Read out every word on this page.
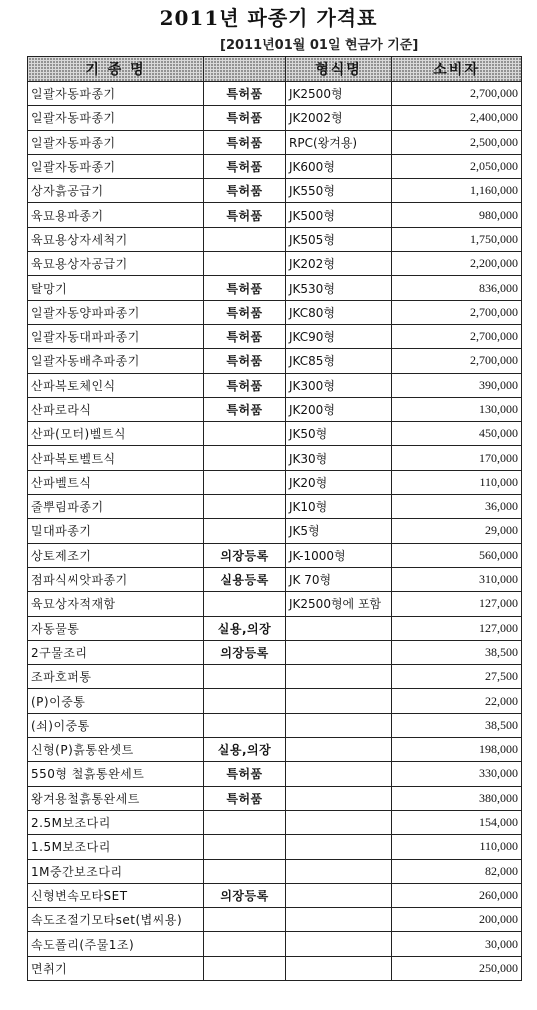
2011년 파종기 가격표
[2011년01월 01일 현금가 기준]
기 종 명		형식명	소비자
일괄자동파종기	특허품	JK2500형	2,700,000
일괄자동파종기	특허품	JK2002형	2,400,000
일괄자동파종기	특허품	RPC(왕겨용)	2,500,000
일괄자동파종기	특허품	JK600형	2,050,000
상자흙공급기	특허품	JK550형	1,160,000
육묘용파종기	특허품	JK500형	980,000
육묘용상자세척기		JK505형	1,750,000
육묘용상자공급기		JK202형	2,200,000
탈망기	특허품	JK530형	836,000
일괄자동양파파종기	특허품	JKC80형	2,700,000
일괄자동대파파종기	특허품	JKC90형	2,700,000
일괄자동배추파종기	특허품	JKC85형	2,700,000
산파복토체인식	특허품	JK300형	390,000
산파로라식	특허품	JK200형	130,000
산파(모터)벨트식		JK50형	450,000
산파복토벨트식		JK30형	170,000
산파벨트식		JK20형	110,000
줄뿌림파종기		JK10형	36,000
밀대파종기		JK5형	29,000
상토제조기	의장등록	JK-1000형	560,000
점파식씨앗파종기	실용등록	JK 70형	310,000
육묘상자적재함		JK2500형에 포함	127,000
자동물통	실용,의장		127,000
2구물조리	의장등록		38,500
조파호퍼통			27,500
(P)이중통			22,000
(쇠)이중통			38,500
신형(P)흙통완셋트	실용,의장		198,000
550형 철흙통완세트	특허품		330,000
왕겨용철흙통완세트	특허품		380,000
2.5M보조다리			154,000
1.5M보조다리			110,000
1M중간보조다리			82,000
신형변속모타SET	의장등록		260,000
속도조절기모타set(볍씨용)			200,000
속도폴리(주물1조)			30,000
면취기			250,000
